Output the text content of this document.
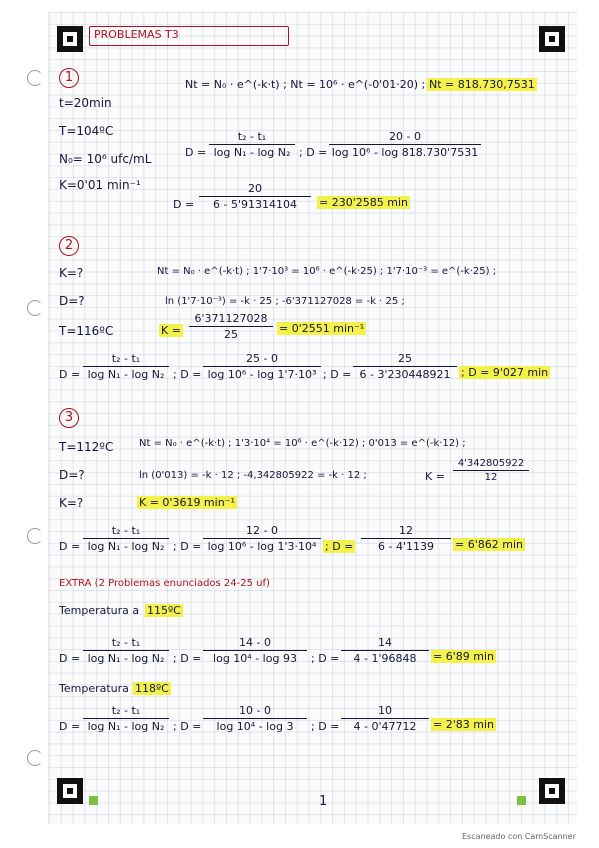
PROBLEMAS T3
1
t=20min
T=104ºC
N₀= 10⁶ ufc/mL
K=0'01 min⁻¹
Nt = N₀ · e^(-k·t) ; Nt = 10⁶ · e^(-0'01·20) ; Nt = 818.730,7531
$D = \frac{\text{t₂ - t₁}}{\text{log N₁ - log N₂}}$ ; $D = \frac{20 - 0}{\text{log 10⁶ - log 818.730'7531}}$
$D = \frac{20}{6 - 5'91314104} = 230'2585$ min
2
K=?
D=?
T=116ºC
Nt = N₀ · e^(-k·t) ; 1'7·10³ = 10⁶ · e^(-k·25) ; 1'7·10⁻³ = e^(-k·25) ;
ln (1'7·10⁻³) = -k · 25 ; -6'371127028 = -k · 25 ;
$K = \frac{6'371127028}{25} = 0'2551$ min⁻¹
$D = \frac{\text{t₂ - t₁}}{\text{log N₁ - log N₂}}$ ; $D = \frac{25 - 0}{\text{log 10⁶ - log 1'7·10³}}$ ; $D = \frac{25}{6 - 3'230448921}$ ; D = 9'027 min
3
T=112ºC
D=?
K=?
Nt = N₀ · e^(-k·t) ; 1'3·10⁴ = 10⁶ · e^(-k·12) ; 0'013 = e^(-k·12) ;
ln (0'013) = -k · 12 ; -4,342805922 = -k · 12 ;	$K = \frac{4'342805922}{12}$
K = 0'3619 min⁻¹
$D = \frac{\text{t₂ - t₁}}{\text{log N₁ - log N₂}}$ ; $D = \frac{12 - 0}{\text{log 10⁶ - log 1'3·10⁴}}$ ; $D = \frac{12}{6 - 4'1139} = 6'862$ min
EXTRA (2 Problemas enunciados 24-25 uf)
Temperatura a 115ºC
$D = \frac{\text{t₂ - t₁}}{\text{log N₁ - log N₂}}$ ; $D = \frac{14 - 0}{\text{log 10⁴ - log 93}}$ ; $D = \frac{14}{4 - 1'96848} = 6'89$ min
Temperatura 118ºC
$D = \frac{\text{t₂ - t₁}}{\text{log N₁ - log N₂}}$ ; $D = \frac{10 - 0}{\text{log 10⁴ - log 3}}$ ; $D = \frac{10}{4 - 0'47712} = 2'83$ min
1
Escaneado con CamScanner
